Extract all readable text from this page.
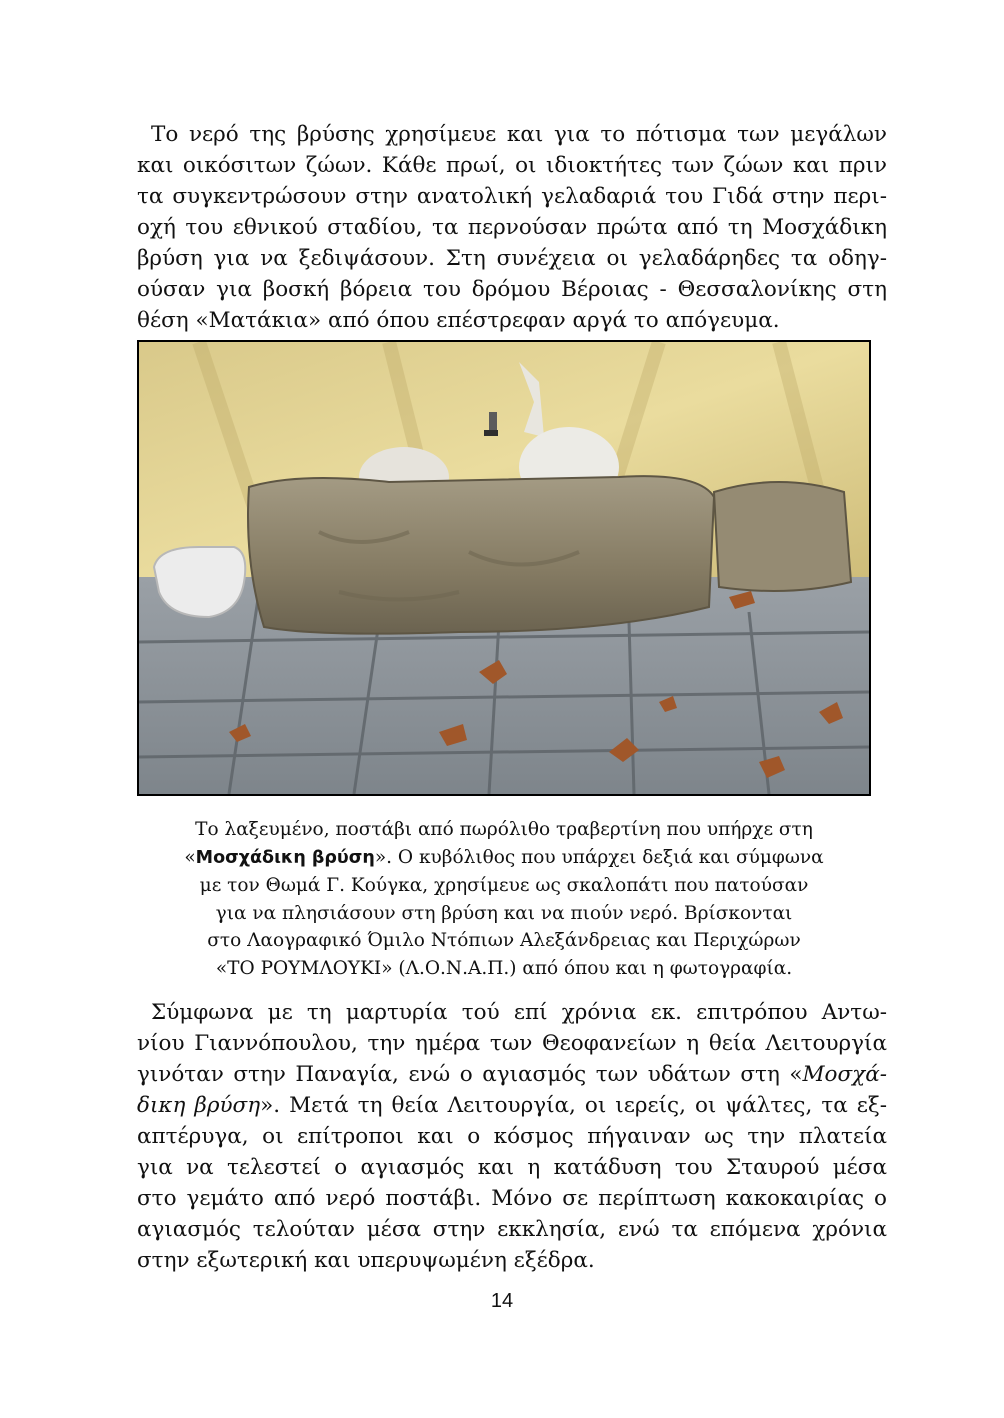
Το νερό της βρύσης χρησίμευε και για το πότισμα των μεγάλων
και οικόσιτων ζώων. Κάθε πρωί, οι ιδιοκτήτες των ζώων και πριν
τα συγκεντρώσουν στην ανατολική γελαδαριά του Γιδά στην περι-
οχή του εθνικού σταδίου, τα περνούσαν πρώτα από τη Μοσχάδικη
βρύση για να ξεδιψάσουν. Στη συνέχεια οι γελαδάρηδες τα οδηγ-
ούσαν για βοσκή βόρεια του δρόμου Βέροιας - Θεσσαλονίκης στη
θέση «Ματάκια» από όπου επέστρεφαν αργά το απόγευμα.
Το λαξευμένο, ποστάβι από πωρόλιθο τραβερτίνη που υπήρχε στη
«Μοσχάδικη βρύση». Ο κυβόλιθος που υπάρχει δεξιά και σύμφωνα
με τον Θωμά Γ. Κούγκα, χρησίμευε ως σκαλοπάτι που πατούσαν
για να πλησιάσουν στη βρύση και να πιούν νερό. Βρίσκονται
στο Λαογραφικό Όμιλο Ντόπιων Αλεξάνδρειας και Περιχώρων
«ΤΟ ΡΟΥΜΛΟΥΚΙ» (Λ.Ο.Ν.Α.Π.) από όπου και η φωτογραφία.
Σύμφωνα με τη μαρτυρία τού επί χρόνια εκ. επιτρόπου Αντω-
νίου Γιαννόπουλου, την ημέρα των Θεοφανείων η θεία Λειτουργία
γινόταν στην Παναγία, ενώ ο αγιασμός των υδάτων στη «Μοσχά-
δικη βρύση». Μετά τη θεία Λειτουργία, οι ιερείς, οι ψάλτες, τα εξ-
απτέρυγα, οι επίτροποι και ο κόσμος πήγαιναν ως την πλατεία
για να τελεστεί ο αγιασμός και η κατάδυση του Σταυρού μέσα
στο γεμάτο από νερό ποστάβι. Μόνο σε περίπτωση κακοκαιρίας ο
αγιασμός τελούταν μέσα στην εκκλησία, ενώ τα επόμενα χρόνια
στην εξωτερική και υπερυψωμένη εξέδρα.
14
